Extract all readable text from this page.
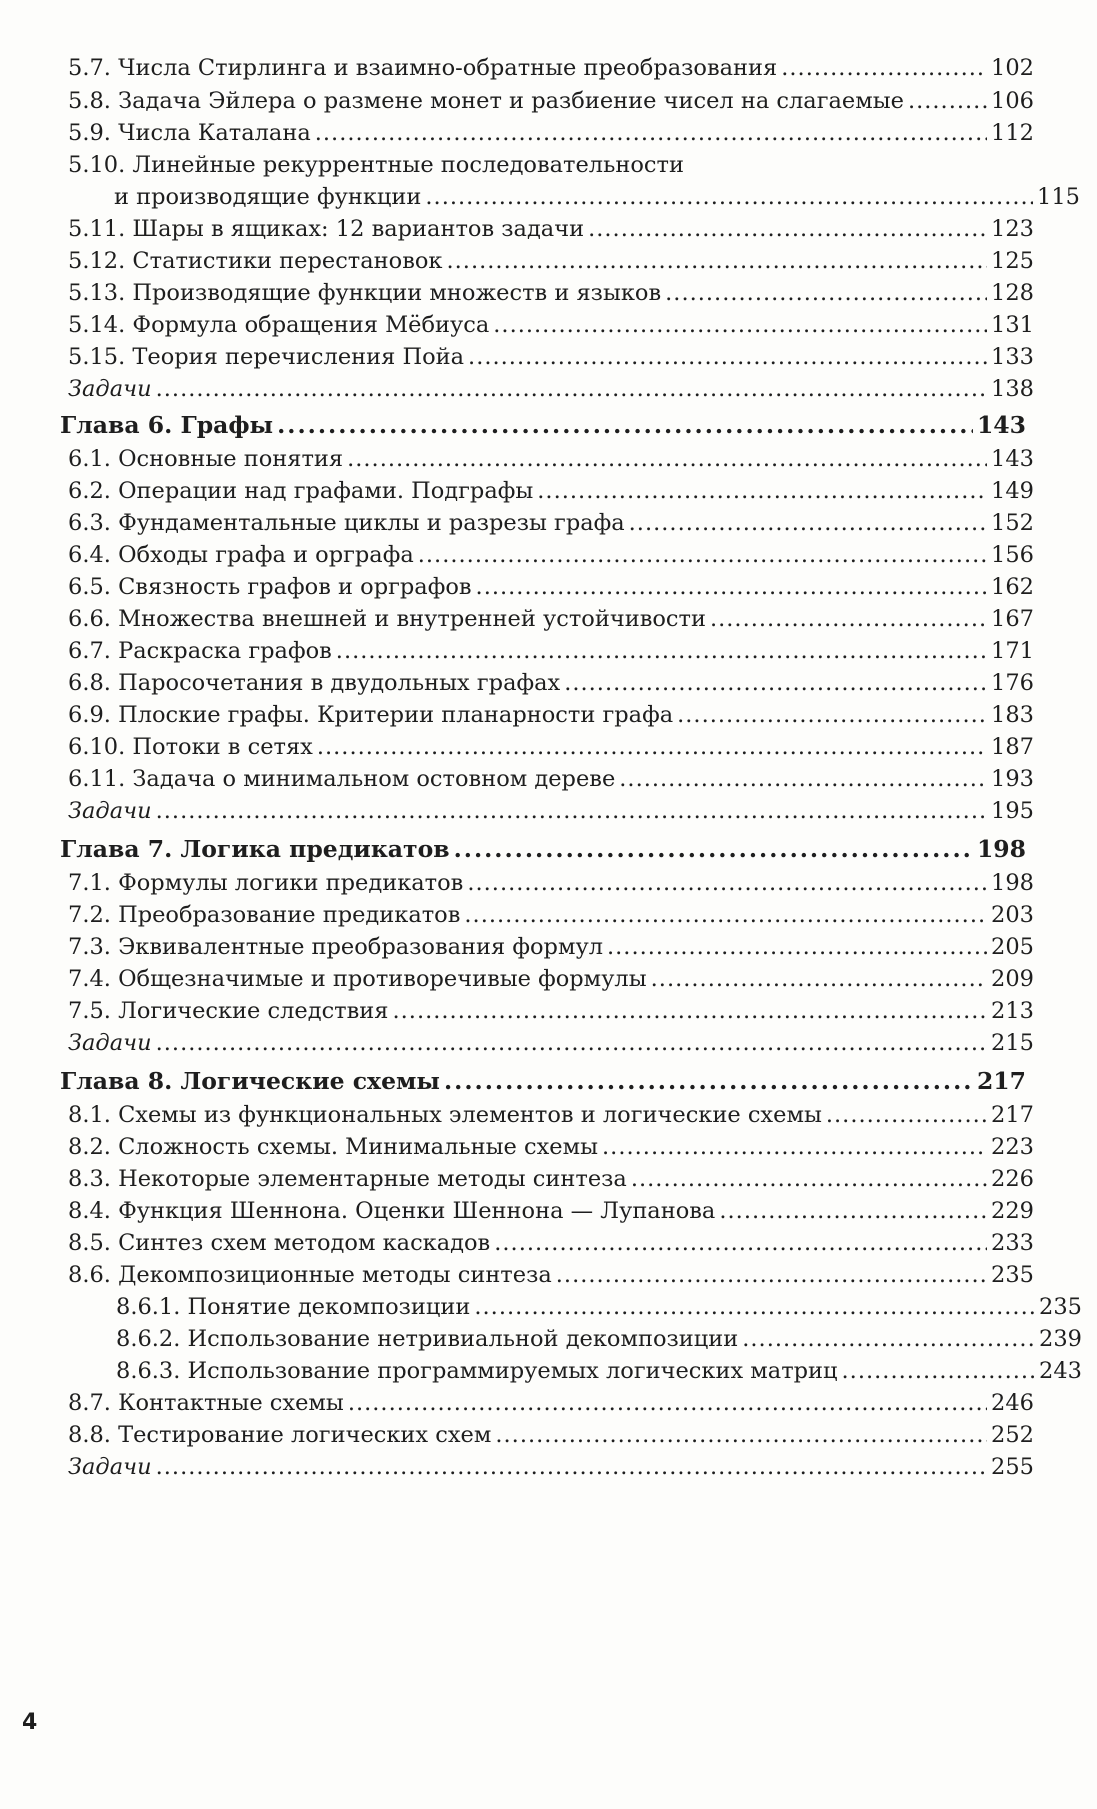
5.7. Числа Стирлинга и взаимно-обратные преобразования .....	102
5.8. Задача Эйлера о размене монет и разбиение чисел на слагаемые .....	106
5.9. Числа Каталана .....	112
5.10. Линейные рекуррентные последовательности
и производящие функции .....	115
5.11. Шары в ящиках: 12 вариантов задачи .....	123
5.12. Статистики перестановок .....	125
5.13. Производящие функции множеств и языков .....	128
5.14. Формула обращения Мёбиуса .....	131
5.15. Теория перечисления Пойа .....	133
Задачи .....	138
Глава 6. Графы .....	143
6.1. Основные понятия .....	143
6.2. Операции над графами. Подграфы .....	149
6.3. Фундаментальные циклы и разрезы графа .....	152
6.4. Обходы графа и орграфа .....	156
6.5. Связность графов и орграфов .....	162
6.6. Множества внешней и внутренней устойчивости .....	167
6.7. Раскраска графов .....	171
6.8. Паросочетания в двудольных графах .....	176
6.9. Плоские графы. Критерии планарности графа .....	183
6.10. Потоки в сетях .....	187
6.11. Задача о минимальном остовном дереве .....	193
Задачи .....	195
Глава 7. Логика предикатов .....	198
7.1. Формулы логики предикатов .....	198
7.2. Преобразование предикатов .....	203
7.3. Эквивалентные преобразования формул .....	205
7.4. Общезначимые и противоречивые формулы .....	209
7.5. Логические следствия .....	213
Задачи .....	215
Глава 8. Логические схемы .....	217
8.1. Схемы из функциональных элементов и логические схемы .....	217
8.2. Сложность схемы. Минимальные схемы .....	223
8.3. Некоторые элементарные методы синтеза .....	226
8.4. Функция Шеннона. Оценки Шеннона — Лупанова .....	229
8.5. Синтез схем методом каскадов .....	233
8.6. Декомпозиционные методы синтеза .....	235
8.6.1. Понятие декомпозиции .....	235
8.6.2. Использование нетривиальной декомпозиции .....	239
8.6.3. Использование программируемых логических матриц .....	243
8.7. Контактные схемы .....	246
8.8. Тестирование логических схем .....	252
Задачи .....	255
4
